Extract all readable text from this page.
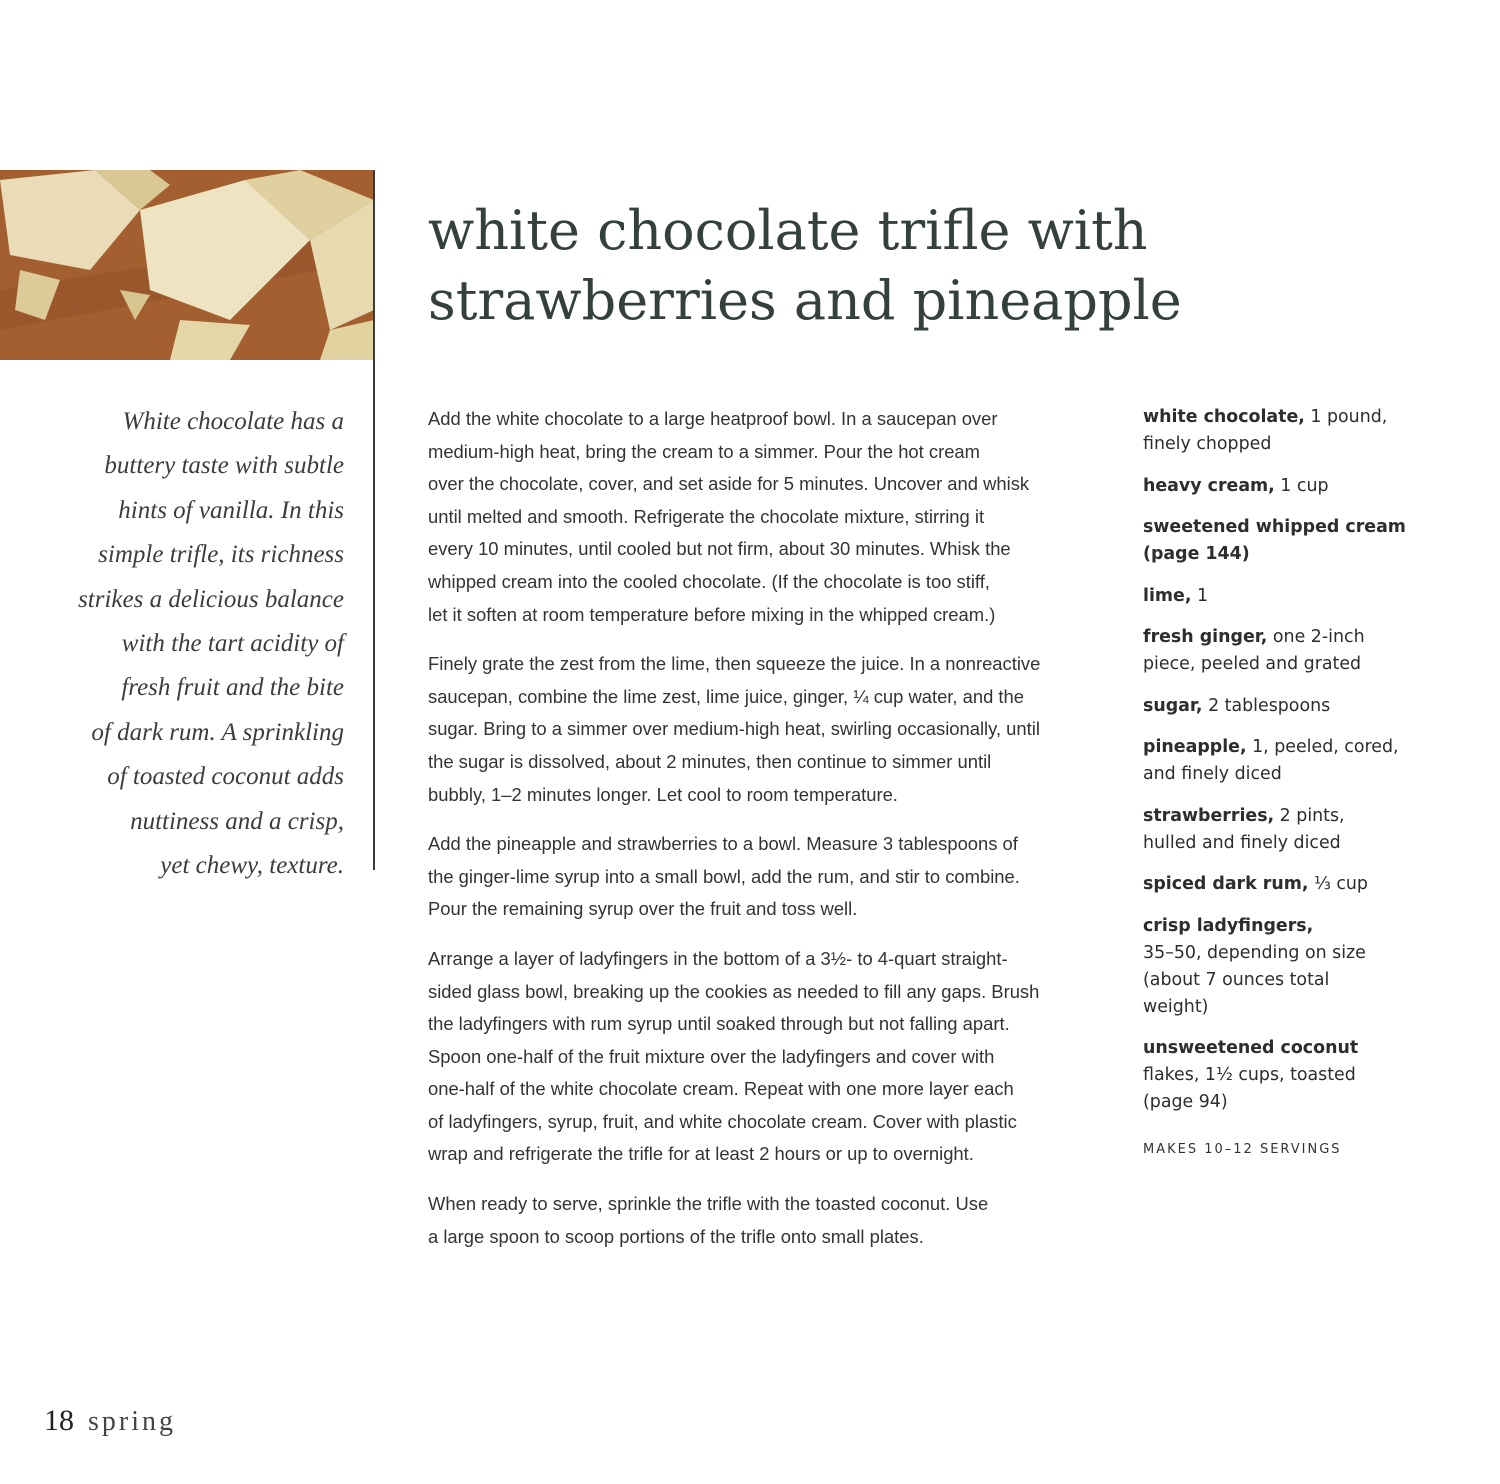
white chocolate trifle with
strawberries and pineapple
White chocolate has a
buttery taste with subtle
hints of vanilla. In this
simple trifle, its richness
strikes a delicious balance
with the tart acidity of
fresh fruit and the bite
of dark rum. A sprinkling
of toasted coconut adds
nuttiness and a crisp,
yet chewy, texture.

Add the white chocolate to a large heatproof bowl. In a saucepan over
medium-high heat, bring the cream to a simmer. Pour the hot cream
over the chocolate, cover, and set aside for 5 minutes. Uncover and whisk
until melted and smooth. Refrigerate the chocolate mixture, stirring it
every 10 minutes, until cooled but not firm, about 30 minutes. Whisk the
whipped cream into the cooled chocolate. (If the chocolate is too stiff,
let it soften at room temperature before mixing in the whipped cream.)

Finely grate the zest from the lime, then squeeze the juice. In a nonreactive
saucepan, combine the lime zest, lime juice, ginger, ¼ cup water, and the
sugar. Bring to a simmer over medium-high heat, swirling occasionally, until
the sugar is dissolved, about 2 minutes, then continue to simmer until
bubbly, 1–2 minutes longer. Let cool to room temperature.

Add the pineapple and strawberries to a bowl. Measure 3 tablespoons of
the ginger-lime syrup into a small bowl, add the rum, and stir to combine.
Pour the remaining syrup over the fruit and toss well.

Arrange a layer of ladyfingers in the bottom of a 3½- to 4-quart straight-
sided glass bowl, breaking up the cookies as needed to fill any gaps. Brush
the ladyfingers with rum syrup until soaked through but not falling apart.
Spoon one-half of the fruit mixture over the ladyfingers and cover with
one-half of the white chocolate cream. Repeat with one more layer each
of ladyfingers, syrup, fruit, and white chocolate cream. Cover with plastic
wrap and refrigerate the trifle for at least 2 hours or up to overnight.

When ready to serve, sprinkle the trifle with the toasted coconut. Use
a large spoon to scoop portions of the trifle onto small plates.

white chocolate, 1 pound,
finely chopped
heavy cream, 1 cup
sweetened whipped cream
(page 144)
lime, 1
fresh ginger, one 2-inch
piece, peeled and grated
sugar, 2 tablespoons
pineapple, 1, peeled, cored,
and finely diced
strawberries, 2 pints,
hulled and finely diced
spiced dark rum, ⅓ cup
crisp ladyfingers,
35–50, depending on size
(about 7 ounces total
weight)
unsweetened coconut
flakes, 1½ cups, toasted
(page 94)
MAKES 10–12 SERVINGS
18 spring
